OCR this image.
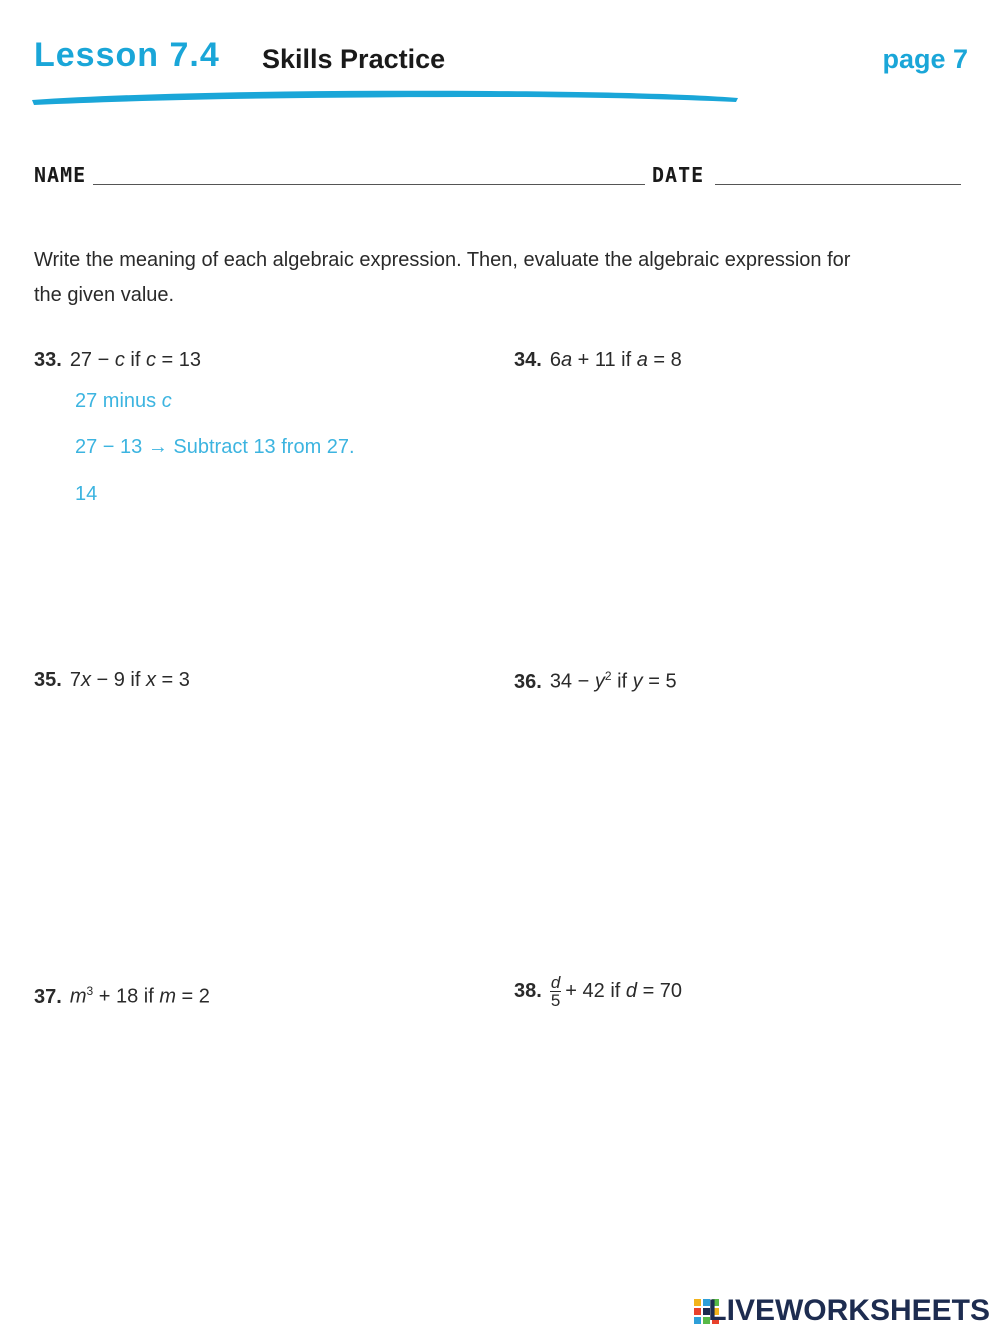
Lesson 7.4 Skills Practice	page 7
NAME	DATE
Write the meaning of each algebraic expression. Then, evaluate the algebraic expression for the given value.
33. 27 − c if c = 13
27 minus c
27 − 13 → Subtract 13 from 27.
14
34. 6a + 11 if a = 8
35. 7x − 9 if x = 3	36. $34 - y^2$ if y = 5
37. $m^3 + 18$ if m = 2	38. $\frac{d}{5} + 42$ if d = 70
LIVEWORKSHEETS
